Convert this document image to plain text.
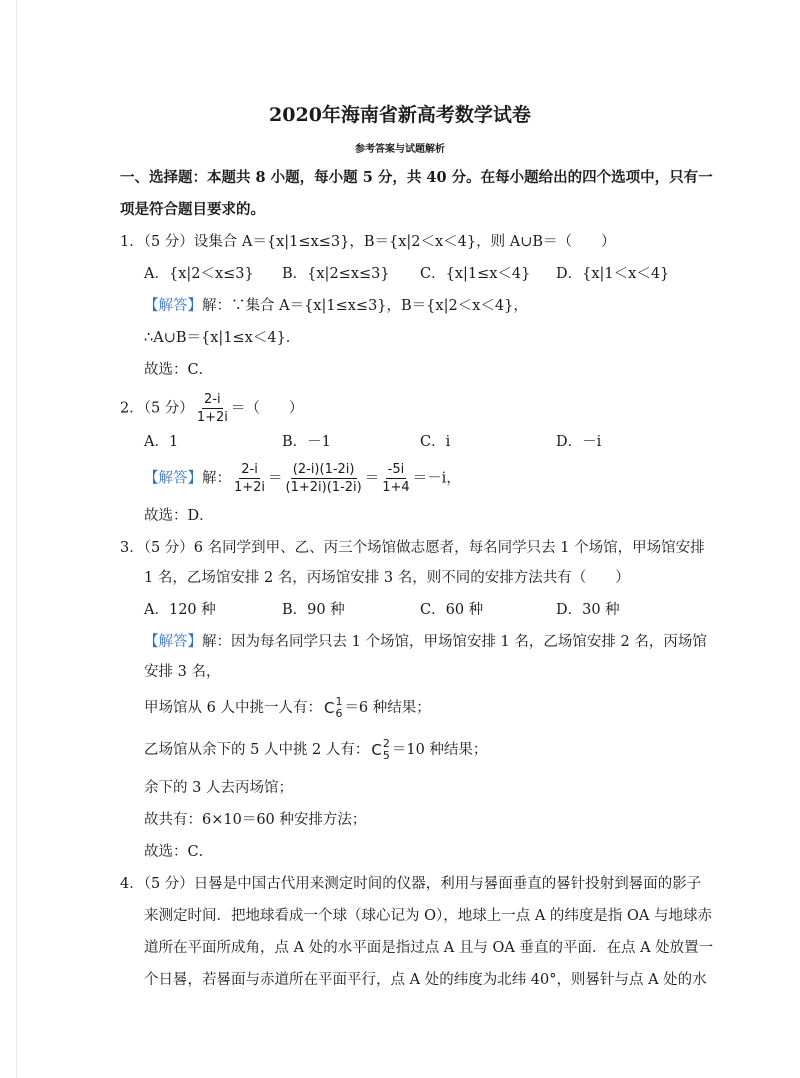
2020年海南省新高考数学试卷
参考答案与试题解析
一、选择题：本题共 8 小题，每小题 5 分，共 40 分。在每小题给出的四个选项中，只有一
项是符合题目要求的。
1．（5 分）设集合 A＝{x|1≤x≤3}，B＝{x|2＜x＜4}，则 A∪B＝（　　）
A．{x|2＜x≤3} B．{x|2≤x≤3} C．{x|1≤x＜4} D．{x|1＜x＜4}
【解答】解：∵集合 A＝{x|1≤x≤3}，B＝{x|2＜x＜4}，
∴A∪B＝{x|1≤x＜4}．
故选：C．
2．（5 分） $\frac{2-i}{1+2i}$ ＝（　　）
A．1	B．－1	C．i	D．－i
【解答】解： $\frac{2-i}{1+2i} = \frac{(2-i)(1-2i)}{(1+2i)(1-2i)} = \frac{-5i}{1+4} =-i$，
故选：D．
3．（5 分）6 名同学到甲、乙、丙三个场馆做志愿者，每名同学只去 1 个场馆，甲场馆安排
1 名，乙场馆安排 2 名，丙场馆安排 3 名，则不同的安排方法共有（　　）
A．120 种	B．90 种	C．60 种	D．30 种
【解答】解：因为每名同学只去 1 个场馆，甲场馆安排 1 名，乙场馆安排 2 名，丙场馆
安排 3 名，
甲场馆从 6 人中挑一人有： C 1
6 ＝6 种结果；
乙场馆从余下的 5 人中挑 2 人有： C 2
5 ＝10 种结果；
余下的 3 人去丙场馆；
故共有：6×10＝60 种安排方法；
故选：C．
4．（5 分）日晷是中国古代用来测定时间的仪器，利用与晷面垂直的晷针投射到晷面的影子
来测定时间．把地球看成一个球（球心记为 O），地球上一点 A 的纬度是指 OA 与地球赤
道所在平面所成角，点 A 处的水平面是指过点 A 且与 OA 垂直的平面．在点 A 处放置一
个日晷，若晷面与赤道所在平面平行，点 A 处的纬度为北纬 40°，则晷针与点 A 处的水
